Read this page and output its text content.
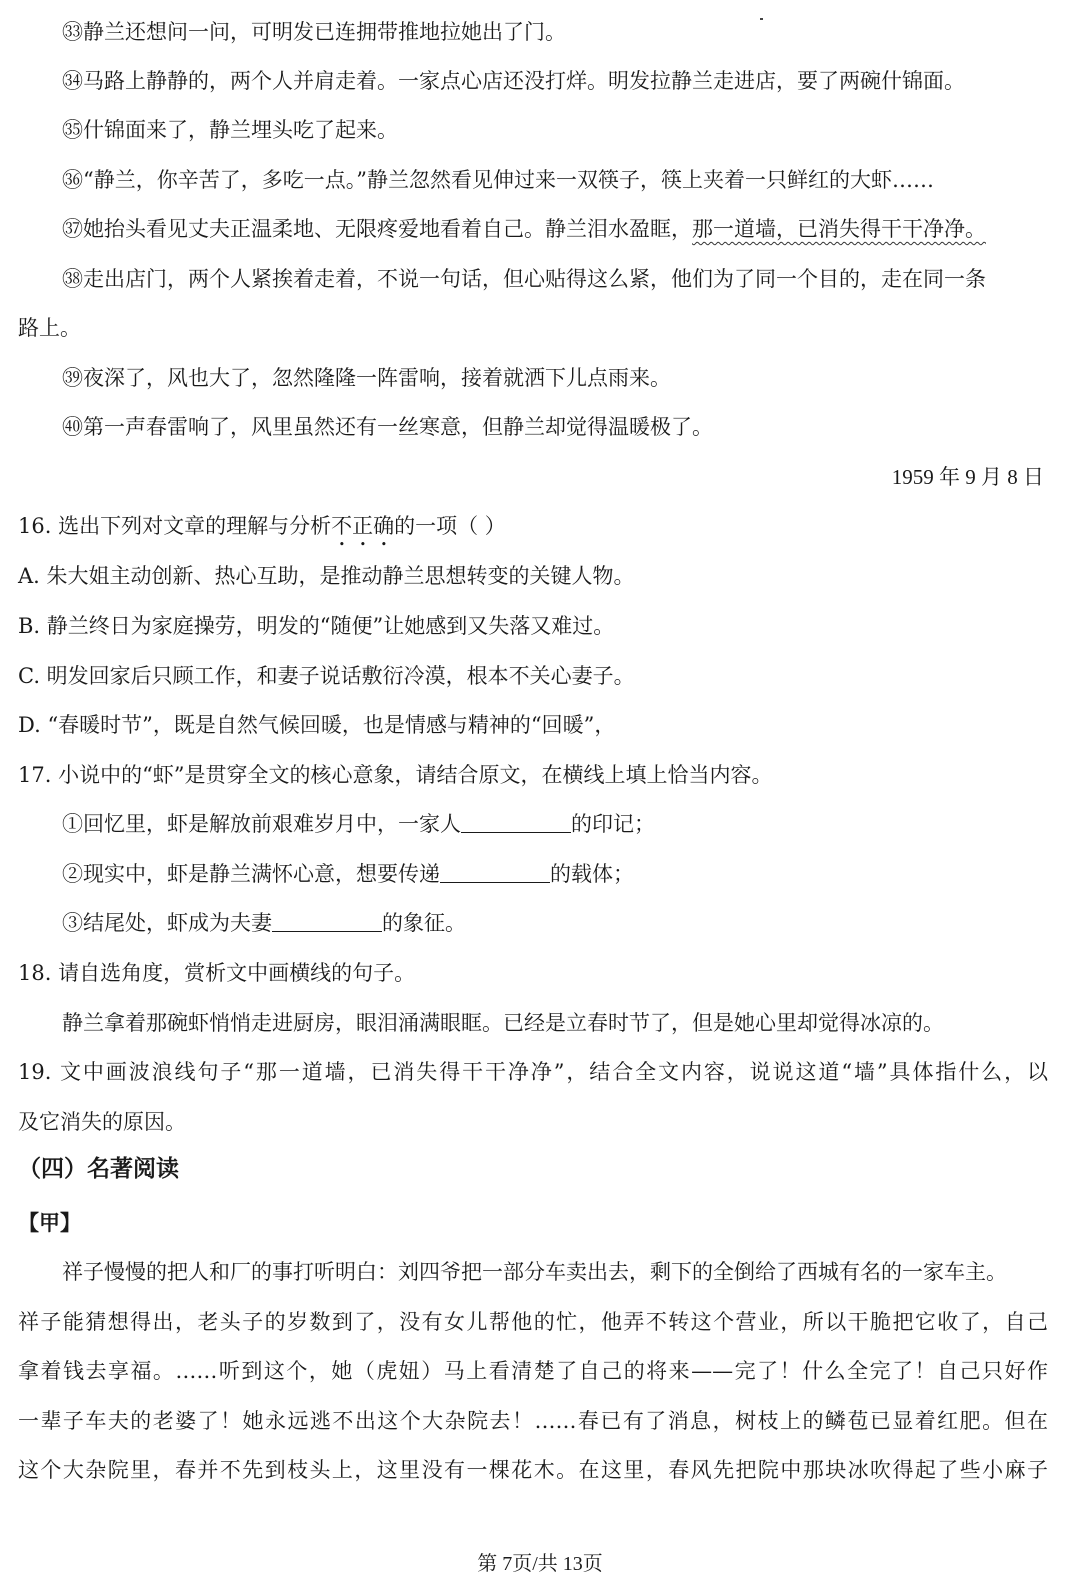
㉝静兰还想问一问，可明发已连拥带推地拉她出了门。
㉞马路上静静的，两个人并肩走着。一家点心店还没打烊。明发拉静兰走进店，要了两碗什锦面。
㉟什锦面来了，静兰埋头吃了起来。
㊱“静兰，你辛苦了，多吃一点。”静兰忽然看见伸过来一双筷子，筷上夹着一只鲜红的大虾……
㊲她抬头看见丈夫正温柔地、无限疼爱地看着自己。静兰泪水盈眶，那一道墙，已消失得干干净净。
㊳走出店门，两个人紧挨着走着，不说一句话，但心贴得这么紧，他们为了同一个目的，走在同一条
路上。
㊴夜深了，风也大了，忽然隆隆一阵雷响，接着就洒下儿点雨来。
㊵第一声春雷响了，风里虽然还有一丝寒意，但静兰却觉得温暖极了。
1959 年 9 月 8 日
16. 选出下列对文章的理解与分析不正确的一项（ ）
A. 朱大姐主动创新、热心互助，是推动静兰思想转变的关键人物。
B. 静兰终日为家庭操劳，明发的“随便”让她感到又失落又难过。
C. 明发回家后只顾工作，和妻子说话敷衍冷漠，根本不关心妻子。
D. “春暖时节”，既是自然气候回暖，也是情感与精神的“回暖”，
17. 小说中的“虾”是贯穿全文的核心意象，请结合原文，在横线上填上恰当内容。
①回忆里，虾是解放前艰难岁月中，一家人	的印记；
②现实中，虾是静兰满怀心意，想要传递	的载体；
③结尾处，虾成为夫妻	的象征。
18. 请自选角度，赏析文中画横线的句子。
静兰拿着那碗虾悄悄走进厨房，眼泪涌满眼眶。已经是立春时节了，但是她心里却觉得冰凉的。
19. 文中画波浪线句子“那一道墙，已消失得干干净净”，结合全文内容，说说这道“墙”具体指什么，以
及它消失的原因。
（四）名著阅读
【甲】
祥子慢慢的把人和厂的事打听明白：刘四爷把一部分车卖出去，剩下的全倒给了西城有名的一家车主。
祥子能猜想得出，老头子的岁数到了，没有女儿帮他的忙，他弄不转这个营业，所以干脆把它收了，自己
拿着钱去享福。……听到这个，她（虎妞）马上看清楚了自己的将来——完了！什么全完了！自己只好作
一辈子车夫的老婆了！她永远逃不出这个大杂院去！……春已有了消息，树枝上的鳞苞已显着红肥。但在
这个大杂院里，春并不先到枝头上，这里没有一棵花木。在这里，春风先把院中那块冰吹得起了些小麻子
第 7页/共 13页
